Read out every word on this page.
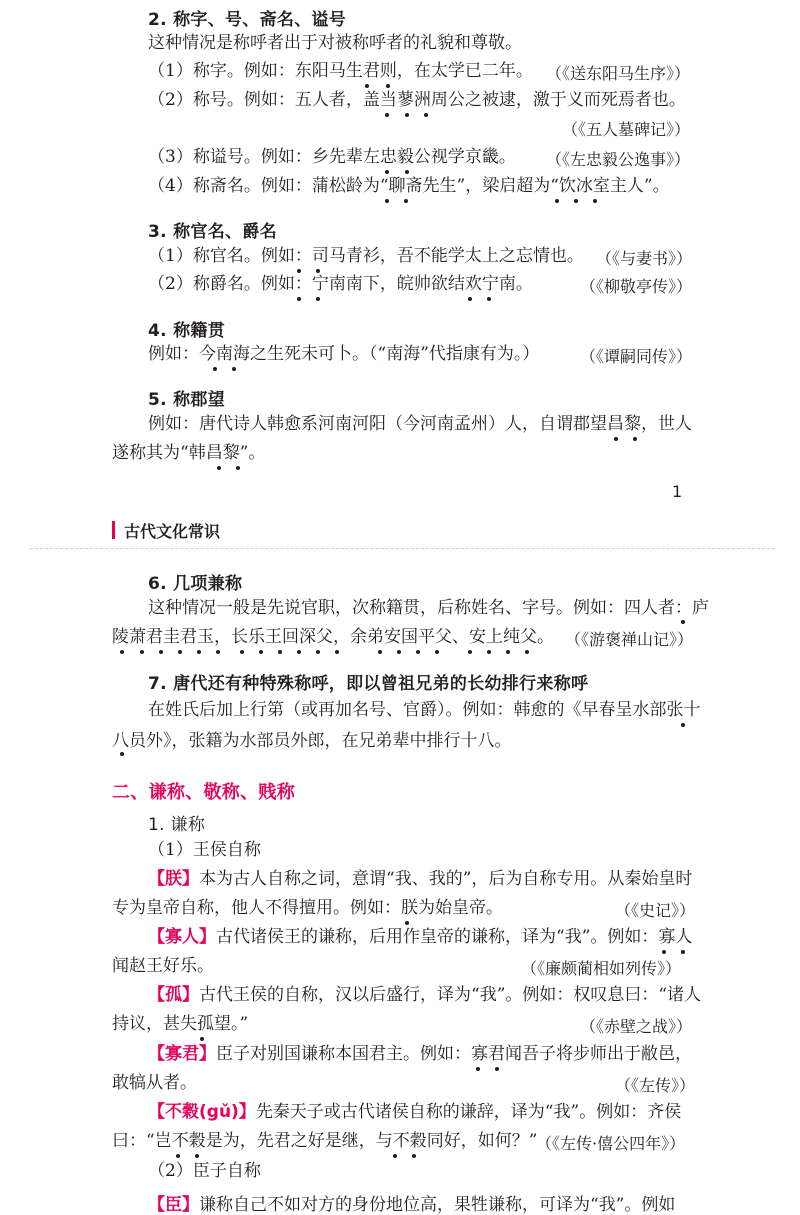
2. 称字、号、斋名、谥号
这种情况是称呼者出于对被称呼者的礼貌和尊敬。
（1）称字。例如：东阳马生君则，在太学已二年。 （《送东阳马生序》）
（2）称号。例如：五人者，盖当蓼洲周公之被逮，激于义而死焉者也。
（《五人墓碑记》）
（3）称谥号。例如：乡先辈左忠毅公视学京畿。 （《左忠毅公逸事》）
（4）称斋名。例如：蒲松龄为“聊斋先生”，梁启超为“饮冰室主人”。
3. 称官名、爵名
（1）称官名。例如：司马青衫，吾不能学太上之忘情也。 （《与妻书》）
（2）称爵名。例如：宁南南下，皖帅欲结欢宁南。	（《柳敬亭传》）
4. 称籍贯
例如：今南海之生死未可卜。（“南海”代指康有为。）	（《谭嗣同传》）
5. 称郡望
例如：唐代诗人韩愈系河南河阳（今河南孟州）人，自谓郡望昌黎，世人
遂称其为“韩昌黎”。
1
古代文化常识
6. 几项兼称
这种情况一般是先说官职，次称籍贯，后称姓名、字号。例如：四人者：庐
陵萧君圭君玉，长乐王回深父，余弟安国平父、安上纯父。 （《游褒禅山记》）
7. 唐代还有种特殊称呼，即以曾祖兄弟的长幼排行来称呼
在姓氏后加上行第（或再加名号、官爵）。例如：韩愈的《早春呈水部张十
八员外》，张籍为水部员外郎，在兄弟辈中排行十八。
二、谦称、敬称、贱称
1. 谦称
（1）王侯自称
【朕】本为古人自称之词，意谓“我、我的”，后为自称专用。从秦始皇时
专为皇帝自称，他人不得擅用。例如：朕为始皇帝。	（《史记》）
【寡人】古代诸侯王的谦称，后用作皇帝的谦称，译为“我”。例如：寡人
闻赵王好乐。	（《廉颇蔺相如列传》）
【孤】古代王侯的自称，汉以后盛行，译为“我”。例如：权叹息曰：“诸人
持议，甚失孤望。”	（《赤壁之战》）
【寡君】臣子对别国谦称本国君主。例如：寡君闻吾子将步师出于敝邑，
敢犒从者。	（《左传》）
【不穀(gǔ)】先秦天子或古代诸侯自称的谦辞，译为“我”。例如：齐侯
曰：“岂不穀是为，先君之好是继，与不穀同好，如何？”
（《左传·僖公四年》）
（2）臣子自称
【臣】谦称自己不如对方的身份地位高，果牲谦称，可译为“我”。例如
